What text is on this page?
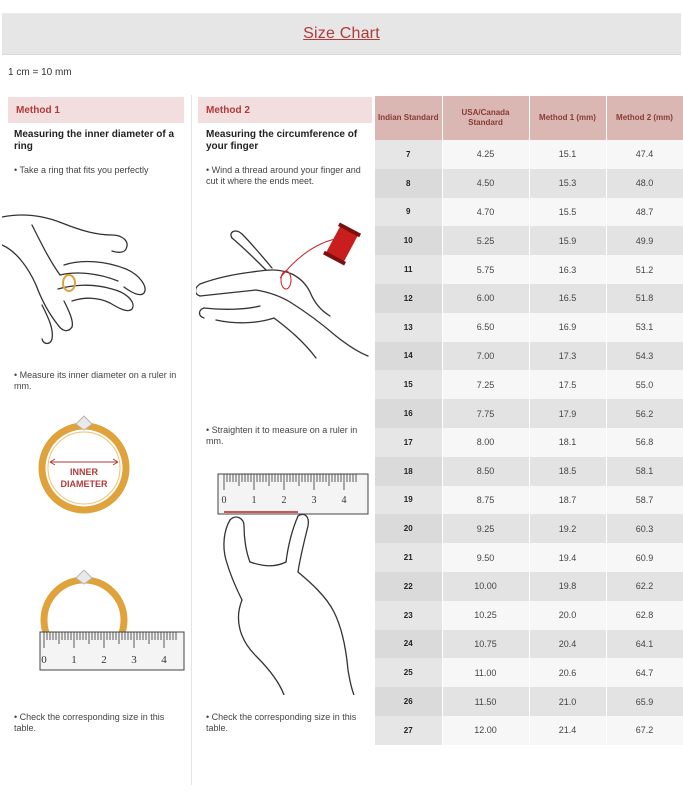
Size Chart
1 cm = 10 mm
Method 1
Measuring the inner diameter of a ring
• Take a ring that fits you perfectly
• Measure its inner diameter on a ruler in mm.
INNER
DIAMETER
0 1 2 3 4
• Check the corresponding size in this table.
Method 2
Measuring the circumference of your finger
• Wind a thread around your finger and cut it where the ends meet.
• Straighten it to measure on a ruler in mm.
0	1	2	3	4
• Check the corresponding size in this table.
Indian Standard	USA/Canada Standard	Method 1 (mm)	Method 2 (mm)
7	4.25	15.1	47.4
8	4.50	15.3	48.0
9	4.70	15.5	48.7
10	5.25	15.9	49.9
11	5.75	16.3	51.2
12	6.00	16.5	51.8
13	6.50	16.9	53.1
14	7.00	17.3	54.3
15	7.25	17.5	55.0
16	7.75	17.9	56.2
17	8.00	18.1	56.8
18	8.50	18.5	58.1
19	8.75	18.7	58.7
20	9.25	19.2	60.3
21	9.50	19.4	60.9
22	10.00	19.8	62.2
23	10.25	20.0	62.8
24	10.75	20.4	64.1
25	11.00	20.6	64.7
26	11.50	21.0	65.9
27	12.00	21.4	67.2
